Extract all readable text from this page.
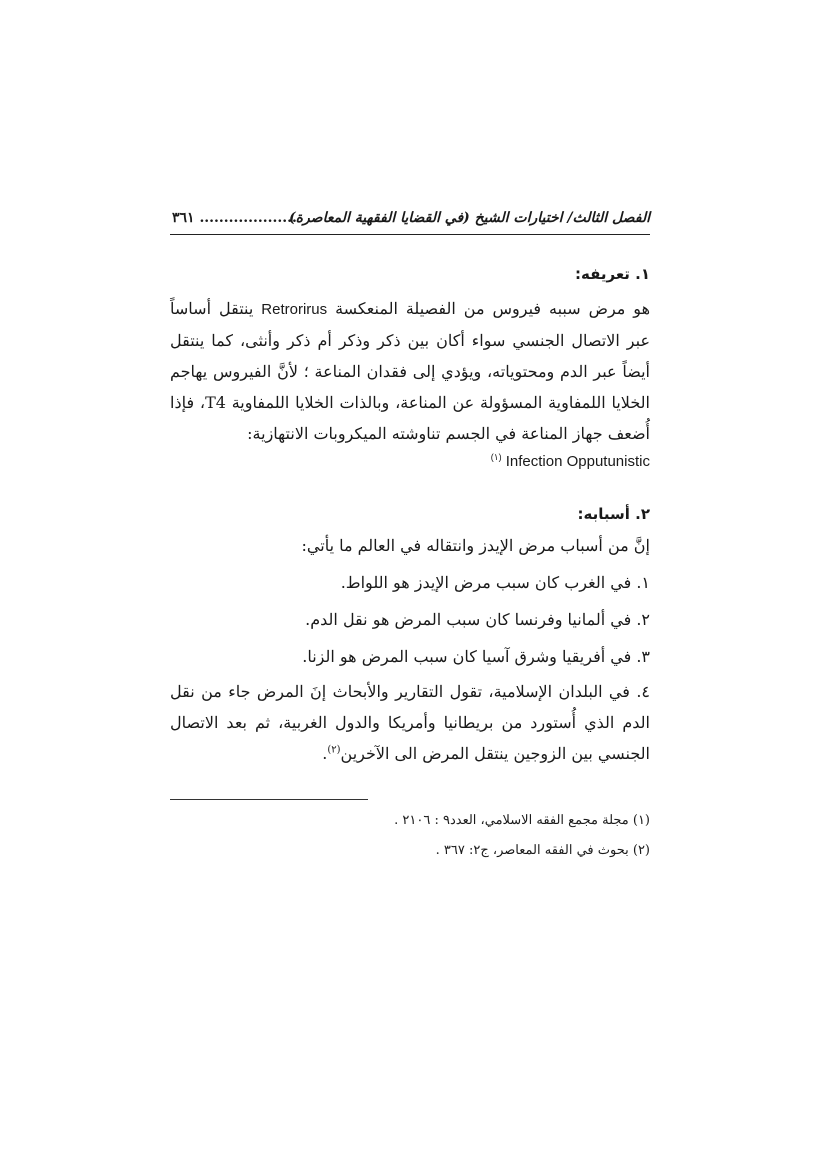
الفصل الثالث/ اختيارات الشيخ (في القضايا الفقهية المعاصرة)
٣٦١ ....................
١. تعريفه:

هو مرض سببه فيروس من الفصيلة المنعكسة Retrorirus ينتقل أساساً عبر الاتصال الجنسي سواء أكان بين ذكر وذكر أم ذكر وأنثى، كما ينتقل أيضاً عبر الدم ومحتوياته، ويؤدي إلى فقدان المناعة ؛ لأنَّ الفيروس يهاجم الخلايا اللمفاوية المسؤولة عن المناعة، وبالذات الخلايا اللمفاوية T4، فإذا أُضعف جهاز المناعة في الجسم تناوشته الميكروبات الانتهازية:

$^{(١)}$ Infection Opputunistic

٢. أسبابه:

إنَّ من أسباب مرض الإيدز وانتقاله في العالم ما يأتي:

١. في الغرب كان سبب مرض الإيدز هو اللواط.

٢. في ألمانيا وفرنسا كان سبب المرض هو نقل الدم.

٣. في أفريقيا وشرق آسيا كان سبب المرض هو الزنا.

٤. في البلدان الإسلامية، تقول التقارير والأبحاث إنَ المرض جاء من نقل الدم الذي أُستورد من بريطانيا وأمريكا والدول الغربية، ثم بعد الاتصال الجنسي بين الزوجين ينتقل المرض الى الآخرين$^{(٢)}$.

(١) مجلة مجمع الفقه الاسلامي، العدد٩ : ٢١٠٦ .

(٢) بحوث في الفقه المعاصر، ج٢: ٣٦٧ .
